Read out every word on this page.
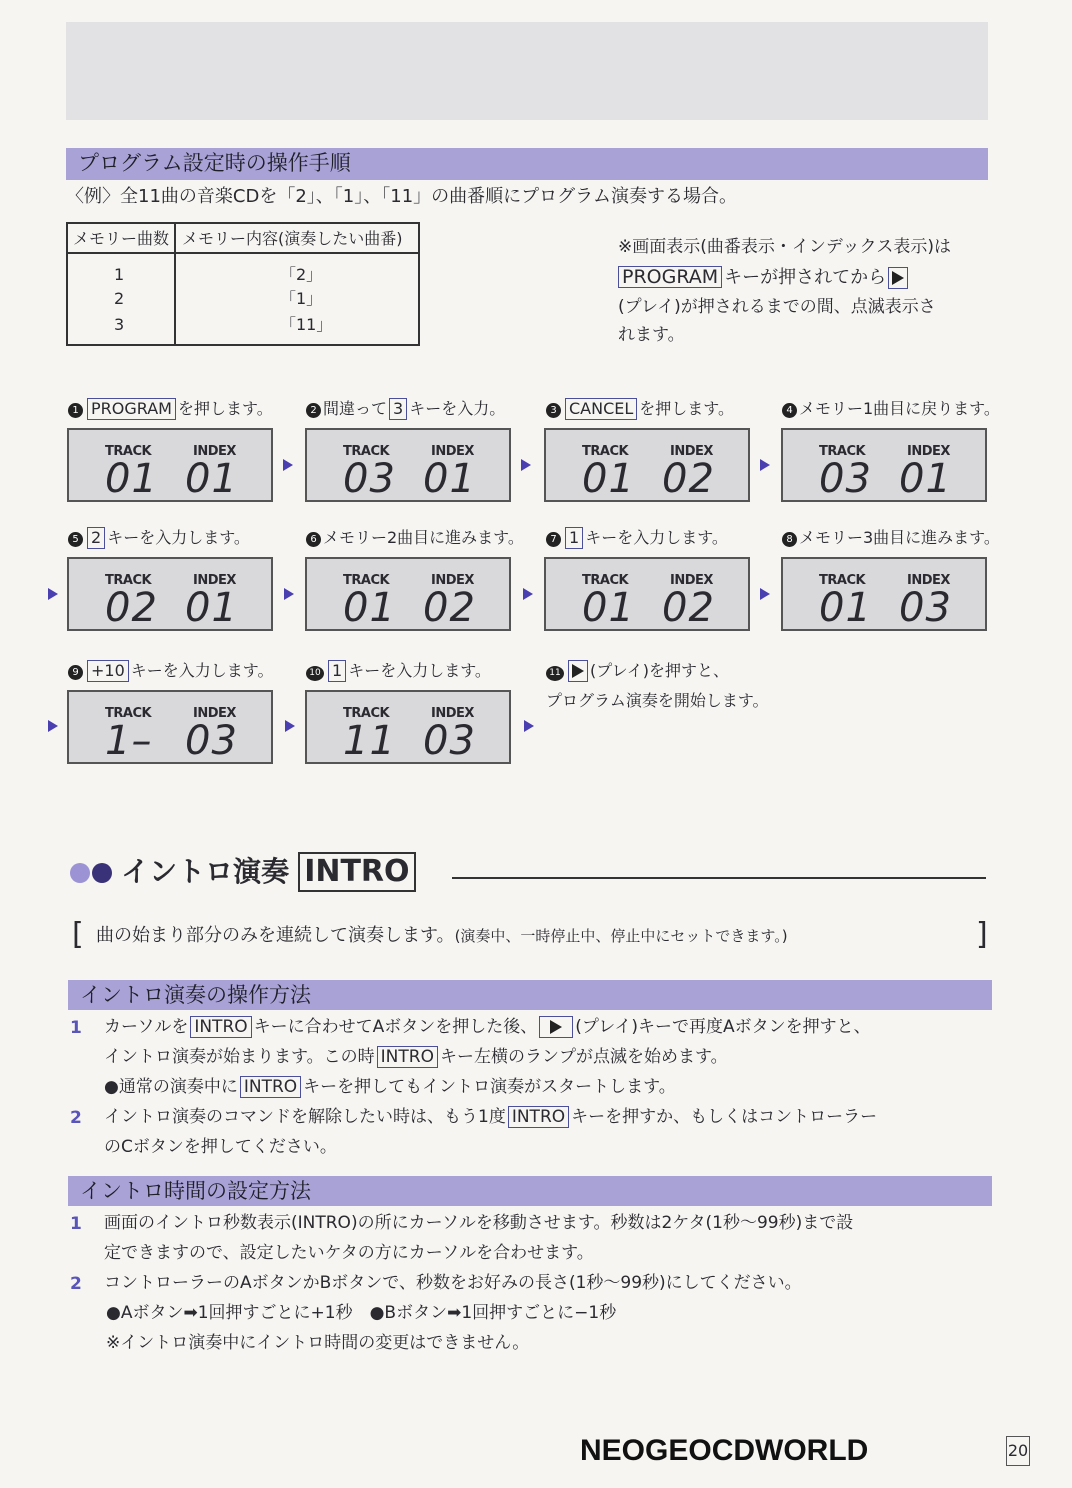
プログラム設定時の操作手順
〈例〉全11曲の音楽CDを「2」、「1」、「11」の曲番順にプログラム演奏する場合。
メモリー曲数 メモリー内容(演奏したい曲番)
1	「2」
2	「1」
3	「11」
※画面表示(曲番表示・インデックス表示)は
PROGRAM キーが押されてから
(プレイ)が押されるまでの間、点滅表示さ
れます。
1 PROGRAM を押します。	2 間違って 3 キーを入力。	3 CANCEL を押します。	4 メモリー1曲目に戻ります。
TRACK	INDEX
01 01
TRACK	INDEX
03 01
TRACK	INDEX
01 02
TRACK	INDEX
03 01
5 2 キーを入力します。	6 メモリー2曲目に進みます。	7 1 キーを入力します。	8 メモリー3曲目に進みます。
TRACK	INDEX
02 01
TRACK	INDEX
01 02
TRACK	INDEX
01 02
TRACK	INDEX
01 03
9 +10 キーを入力します。	10 1 キーを入力します。	11 (プレイ)を押すと、
プログラム演奏を開始します。
TRACK	INDEX
1– 03
TRACK	INDEX
11 03
イントロ演奏 INTRO
[ 曲の始まり部分のみを連続して演奏します。(演奏中、一時停止中、停止中にセットできます。)	]
イントロ演奏の操作方法
1 カーソルを INTRO キーに合わせてAボタンを押した後、 (プレイ)キーで再度Aボタンを押すと、
イントロ演奏が始まります。この時 INTRO キー左横のランプが点滅を始めます。
●通常の演奏中に INTRO キーを押してもイントロ演奏がスタートします。
2 イントロ演奏のコマンドを解除したい時は、もう1度 INTRO キーを押すか、もしくはコントローラー
のCボタンを押してください。
イントロ時間の設定方法
1 画面のイントロ秒数表示(INTRO)の所にカーソルを移動させます。秒数は2ケタ(1秒〜99秒)まで設
定できますので、設定したいケタの方にカーソルを合わせます。
2 コントローラーのAボタンかBボタンで、秒数をお好みの長さ(1秒〜99秒)にしてください。
●Aボタン➡1回押すごとに+1秒　●Bボタン➡1回押すごとに−1秒
※イントロ演奏中にイントロ時間の変更はできません。
NEOGEOCDWORLD	20
